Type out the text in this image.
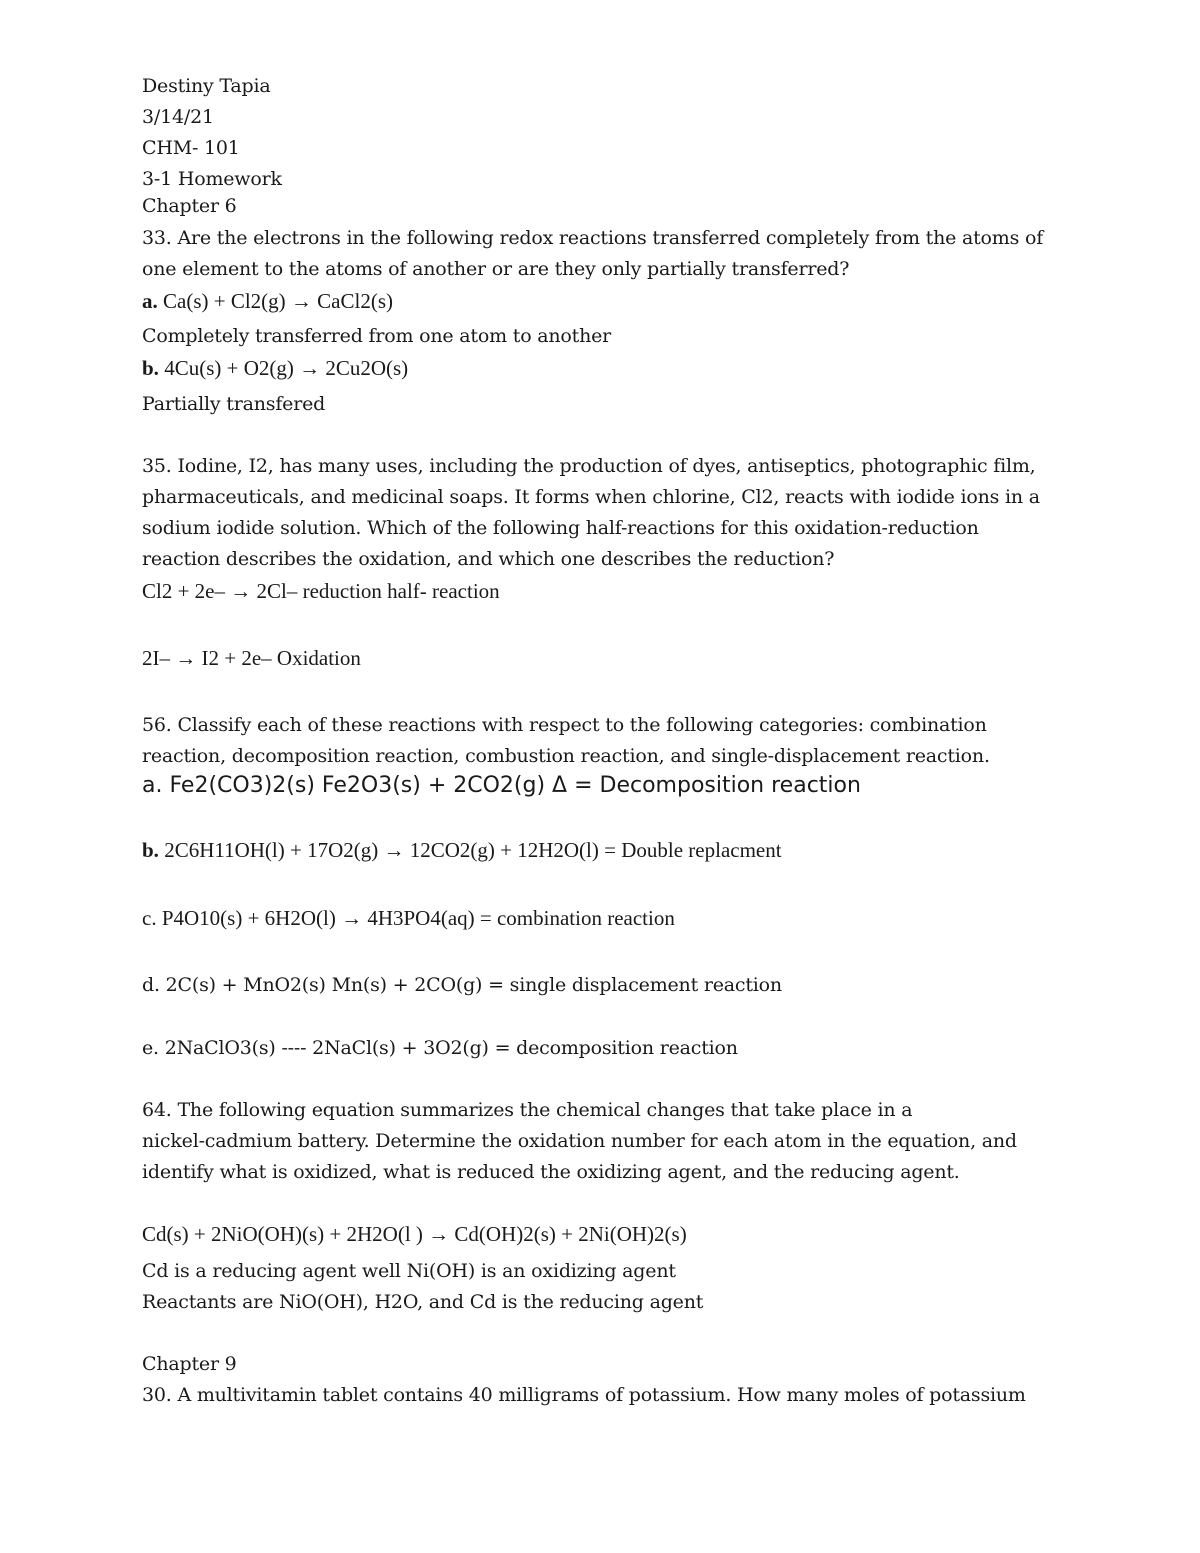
Destiny Tapia
3/14/21
CHM- 101
3-1 Homework
Chapter 6
33. Are the electrons in the following redox reactions transferred completely from the atoms of
one element to the atoms of another or are they only partially transferred?
a. Ca(s) + Cl2(g) → CaCl2(s)
Completely transferred from one atom to another
b. 4Cu(s) + O2(g) → 2Cu2O(s)
Partially transfered
35. Iodine, I2, has many uses, including the production of dyes, antiseptics, photographic film,
pharmaceuticals, and medicinal soaps. It forms when chlorine, Cl2, reacts with iodide ions in a
sodium iodide solution. Which of the following half-reactions for this oxidation-reduction
reaction describes the oxidation, and which one describes the reduction?
Cl2 + 2e– → 2Cl– reduction half- reaction
2I– → I2 + 2e– Oxidation
56. Classify each of these reactions with respect to the following categories: combination
reaction, decomposition reaction, combustion reaction, and single-displacement reaction.
a. Fe2(CO3)2(s) Fe2O3(s) + 2CO2(g) Δ = Decomposition reaction
b. 2C6H11OH(l) + 17O2(g) → 12CO2(g) + 12H2O(l) = Double replacment
c. P4O10(s) + 6H2O(l) → 4H3PO4(aq) = combination reaction
d. 2C(s) + MnO2(s) Mn(s) + 2CO(g) = single displacement reaction
e. 2NaClO3(s) ---- 2NaCl(s) + 3O2(g) = decomposition reaction
64. The following equation summarizes the chemical changes that take place in a
nickel-cadmium battery. Determine the oxidation number for each atom in the equation, and
identify what is oxidized, what is reduced the oxidizing agent, and the reducing agent.
Cd(s) + 2NiO(OH)(s) + 2H2O(l ) → Cd(OH)2(s) + 2Ni(OH)2(s)
Cd is a reducing agent well Ni(OH) is an oxidizing agent
Reactants are NiO(OH), H2O, and Cd is the reducing agent
Chapter 9
30. A multivitamin tablet contains 40 milligrams of potassium. How many moles of potassium
